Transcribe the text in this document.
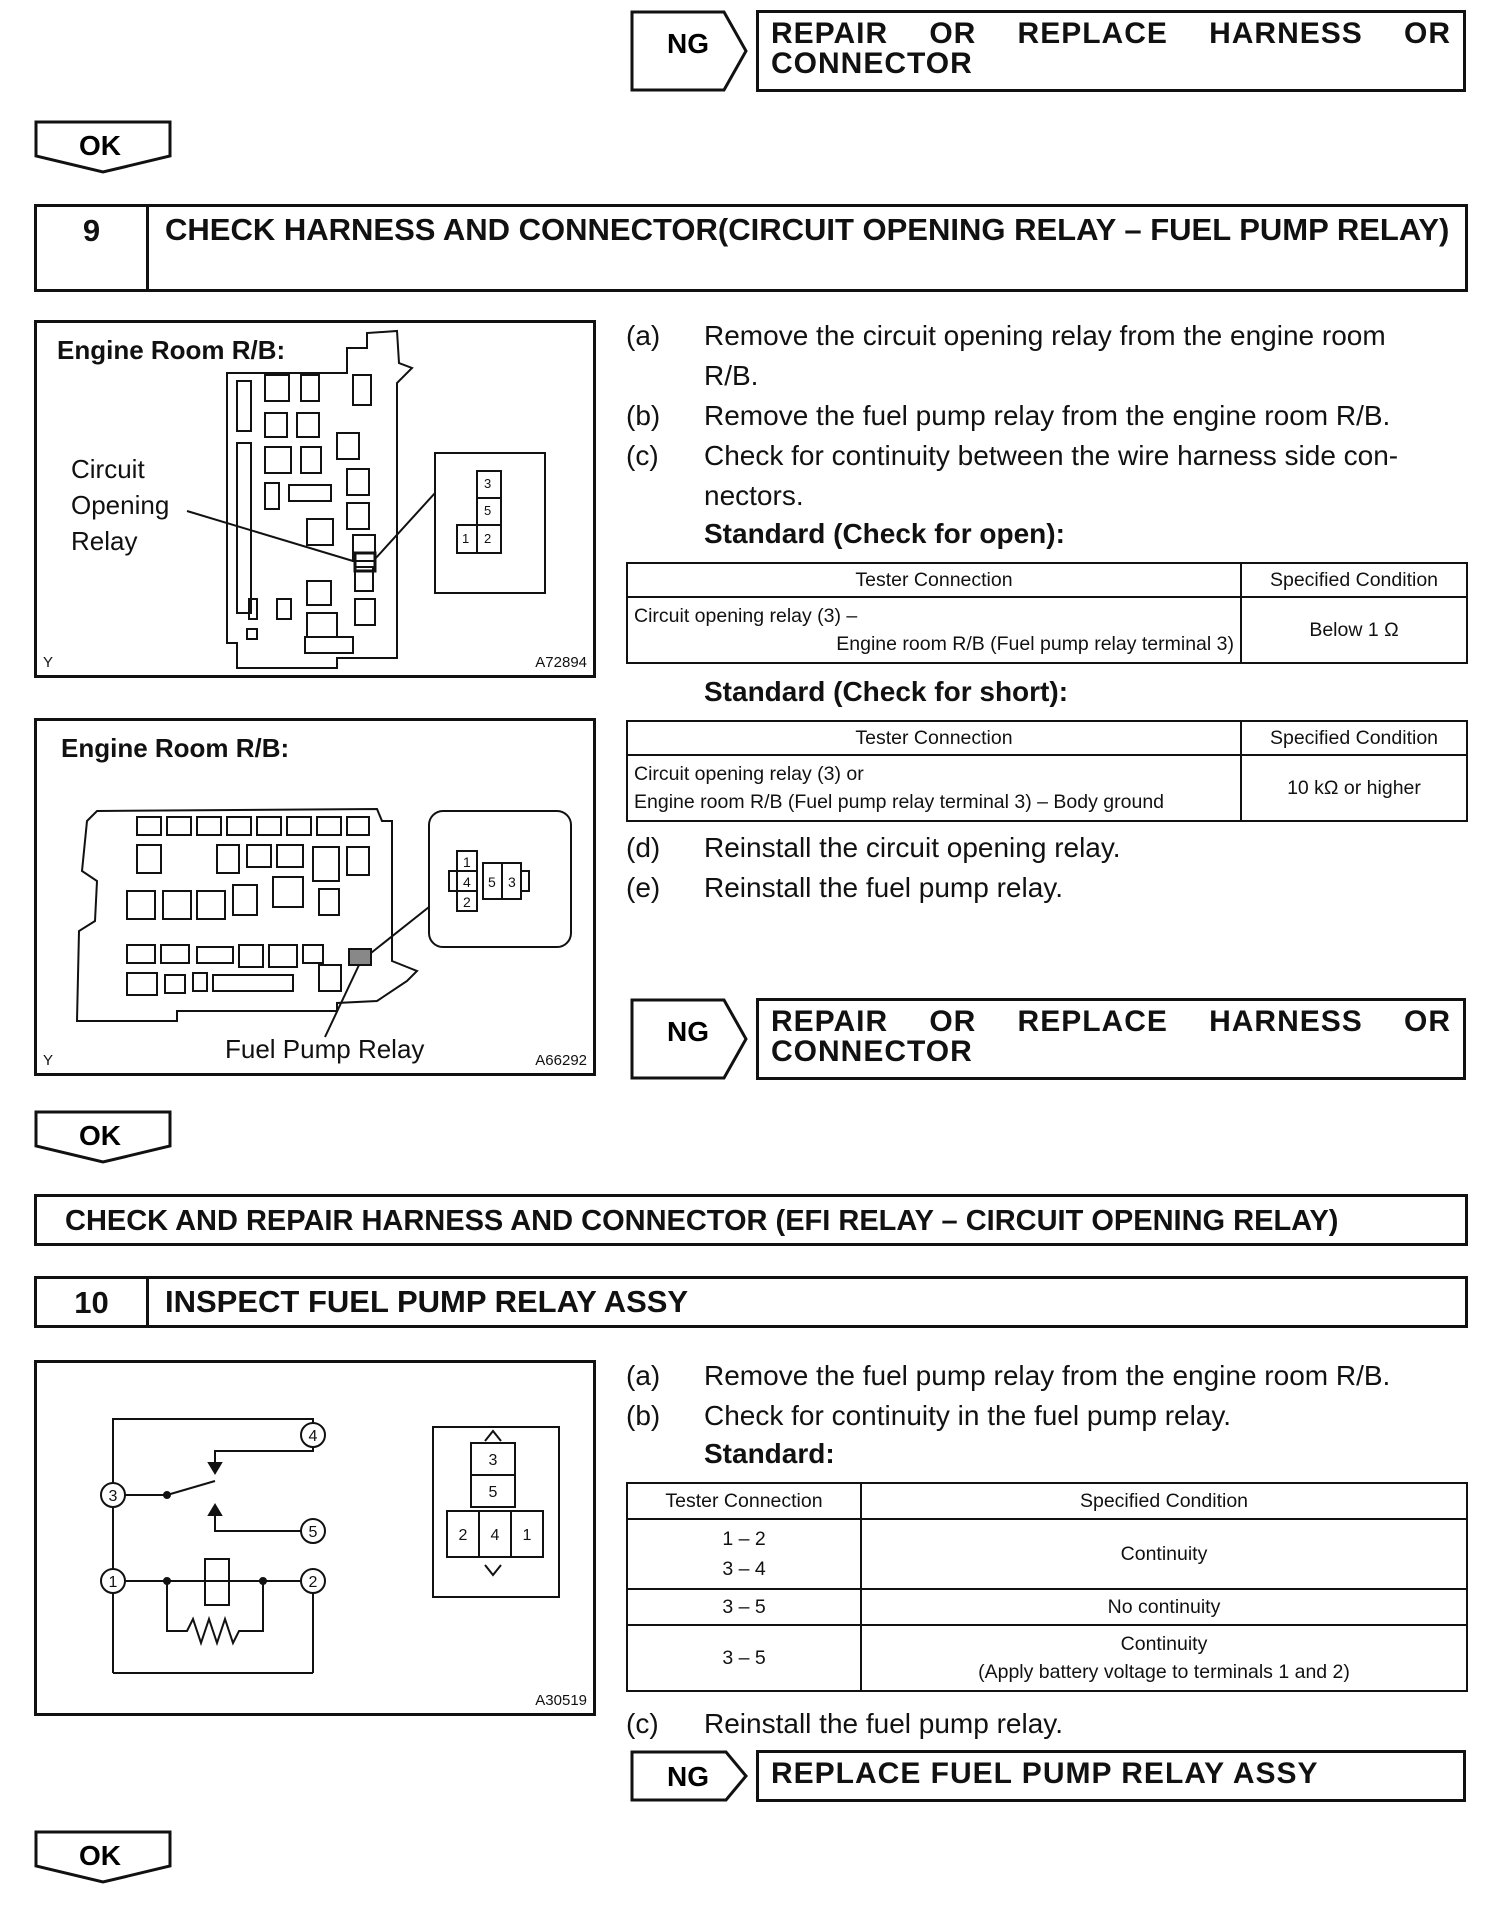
NG REPAIR OR REPLACE HARNESS OR
CONNECTOR
OK
9	CHECK HARNESS AND CONNECTOR(CIRCUIT OPENING RELAY – FUEL PUMP RELAY)
Engine Room R/B:
Circuit
Opening
Relay
3
5
1 2
Y	A72894
Engine Room R/B:
1
4
2
5 3
Fuel Pump Relay
Y	A66292
(a) Remove the circuit opening relay from the engine room
R/B.
(b) Remove the fuel pump relay from the engine room R/B.
(c) Check for continuity between the wire harness side con-
nectors.
Standard (Check for open):
Tester Connection	Specified Condition

Circuit opening relay (3) –
Engine room R/B (Fuel pump relay terminal 3)	Below 1 Ω
Standard (Check for short):
Tester Connection	Specified Condition

Circuit opening relay (3) or
Engine room R/B (Fuel pump relay terminal 3) – Body ground	10 kΩ or higher
(d) Reinstall the circuit opening relay.
(e) Reinstall the fuel pump relay.
NG REPAIR OR REPLACE HARNESS OR
CONNECTOR
OK
CHECK AND REPAIR HARNESS AND CONNECTOR (EFI RELAY – CIRCUIT OPENING RELAY)
10	INSPECT FUEL PUMP RELAY ASSY
4
3
5
1	2
3
5
2 4 1
A30519
(a) Remove the fuel pump relay from the engine room R/B.
(b) Check for continuity in the fuel pump relay.
Standard:
Tester Connection	Specified Condition

1 – 2
3 – 4	Continuity
3 – 5	No continuity
3 – 5	Continuity
(Apply battery voltage to terminals 1 and 2)
(c) Reinstall the fuel pump relay.
NG REPLACE FUEL PUMP RELAY ASSY
OK
